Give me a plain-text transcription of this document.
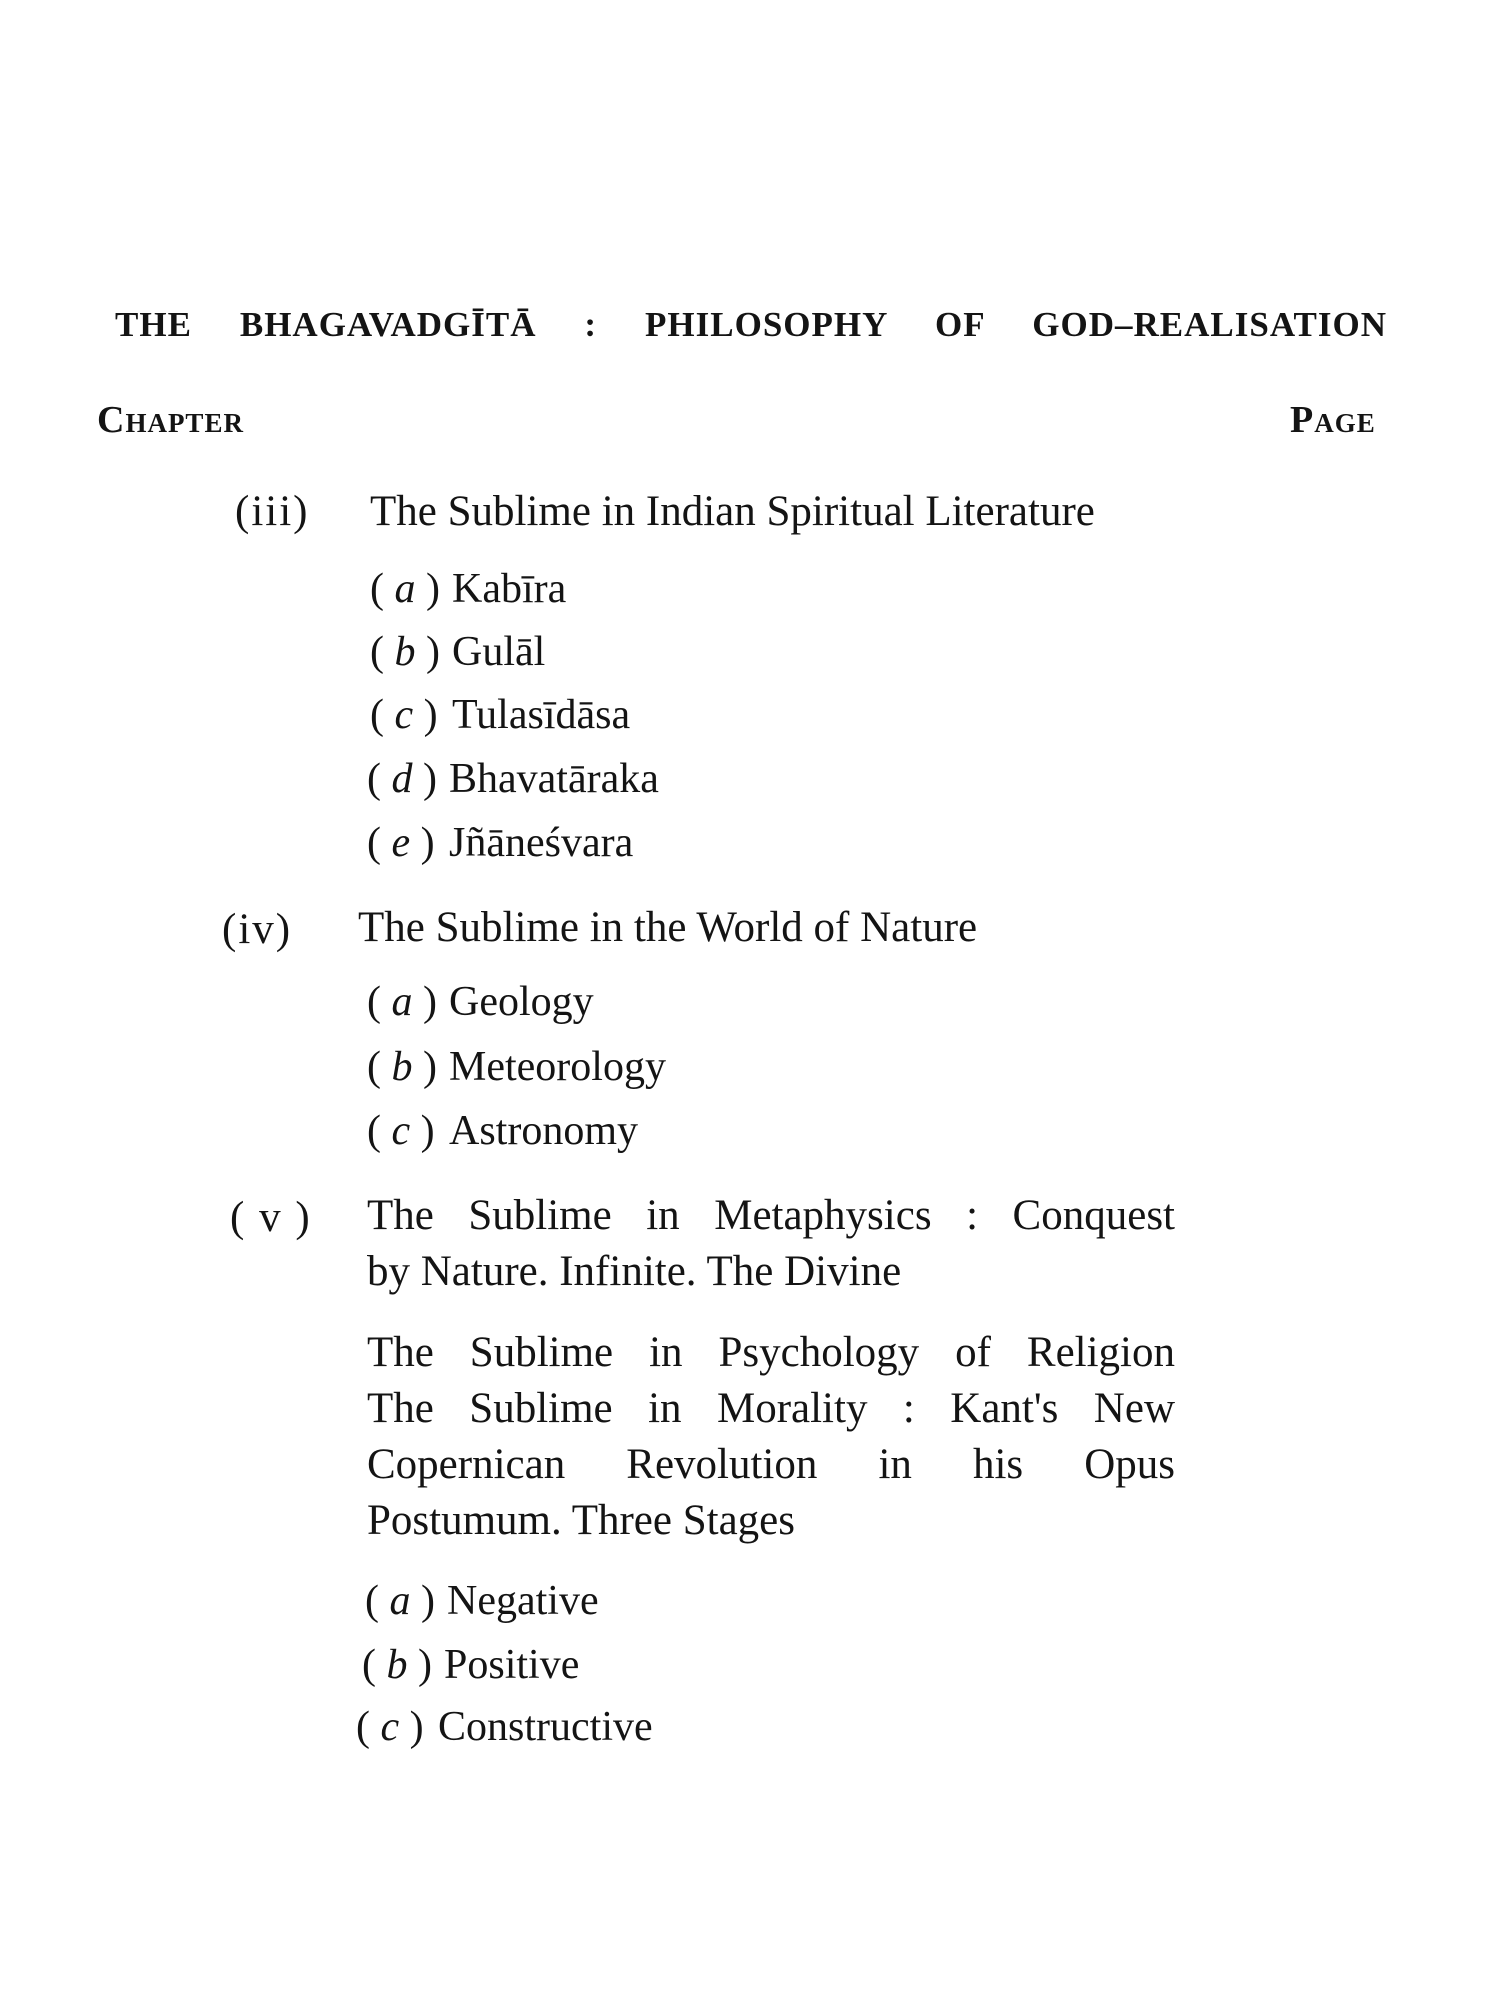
THE BHAGAVADGĪTĀ : PHILOSOPHY OF GOD–REALISATION
Chapter	Page
(iii) The Sublime in Indian Spiritual Literature
( a ) Kabīra
( b ) Gulāl
( c ) Tulasīdāsa
( d ) Bhavatāraka
( e ) Jñāneśvara
(iv) The Sublime in the World of Nature
( a ) Geology
( b ) Meteorology
( c ) Astronomy
( v ) The Sublime in Metaphysics : Conquest
by Nature. Infinite. The Divine
The Sublime in Psychology of Religion
The Sublime in Morality : Kant's New
Copernican Revolution in his Opus
Postumum. Three Stages
( a ) Negative
( b ) Positive
( c ) Constructive
